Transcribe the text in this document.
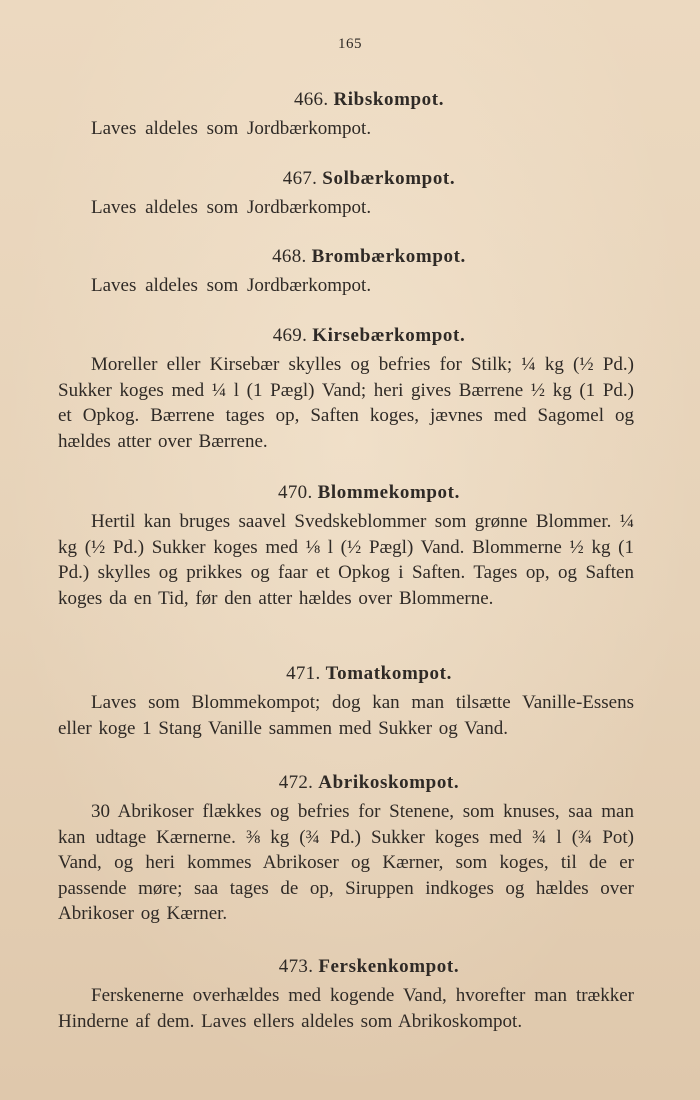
165
466. Ribskompot.

Laves aldeles som Jordbærkompot.

467. Solbærkompot.

Laves aldeles som Jordbærkompot.

468. Brombærkompot.

Laves aldeles som Jordbærkompot.

469. Kirsebærkompot.

Moreller eller Kirsebær skylles og befries for Stilk; ¼ kg (½ Pd.) Sukker koges med ¼ l (1 Pægl) Vand; heri gives Bærrene ½ kg (1 Pd.) et Opkog. Bærrene tages op, Saften koges, jævnes med Sagomel og hældes atter over Bærrene.

470. Blommekompot.

Hertil kan bruges saavel Svedskeblommer som grønne Blommer. ¼ kg (½ Pd.) Sukker koges med ⅛ l (½ Pægl) Vand. Blommerne ½ kg (1 Pd.) skylles og prikkes og faar et Opkog i Saften. Tages op, og Saften koges da en Tid, før den atter hældes over Blommerne.

471. Tomatkompot.

Laves som Blommekompot; dog kan man tilsætte Vanille-Essens eller koge 1 Stang Vanille sammen med Sukker og Vand.

472. Abrikoskompot.

30 Abrikoser flækkes og befries for Stenene, som knuses, saa man kan udtage Kærnerne. ⅜ kg (¾ Pd.) Sukker koges med ¾ l (¾ Pot) Vand, og heri kommes Abrikoser og Kærner, som koges, til de er passende møre; saa tages de op, Siruppen indkoges og hældes over Abrikoser og Kærner.

473. Ferskenkompot.

Ferskenerne overhældes med kogende Vand, hvorefter man trækker Hinderne af dem. Laves ellers aldeles som Abrikoskompot.
